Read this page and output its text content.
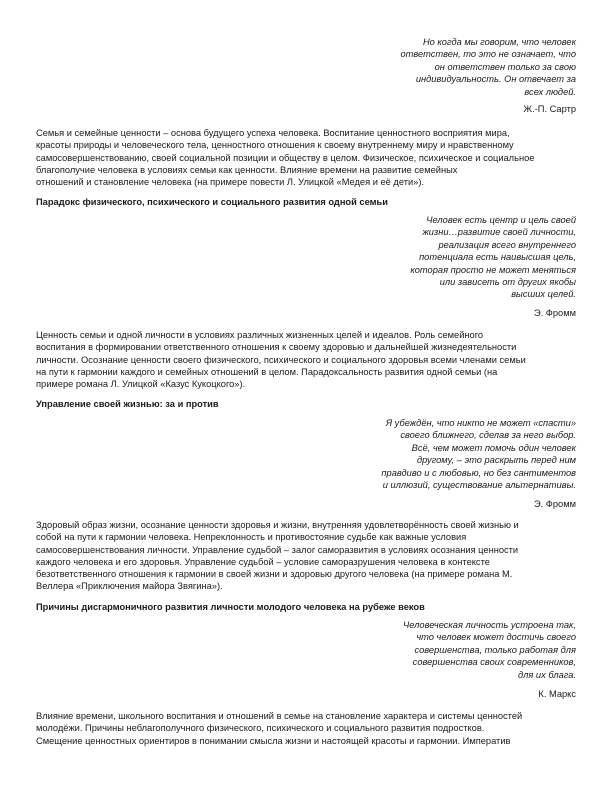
Но когда мы говорим, что человек
ответствен, то это не означает, что
он ответствен только за свою
индивидуальность. Он отвечает за
всех людей.

Ж.-П. Сартр

Семья и семейные ценности – основа будущего успеха человека. Воспитание ценностного восприятия мира,
красоты природы и человеческого тела, ценностного отношения к своему внутреннему миру и нравственному
самосовершенствованию, своей социальной позиции и обществу в целом. Физическое, психическое и социальное
благополучие человека в условиях семьи как ценности. Влияние времени на развитие семейных
отношений и становление человека (на примере повести Л. Улицкой «Медея и её дети»).

Парадокс физического, психического и социального развития одной семьи

Человек есть центр и цель своей
жизни…развитие своей личности,
реализация всего внутреннего
потенциала есть наивысшая цель,
которая просто не может меняться
или зависеть от других якобы
высших целей.

Э. Фромм

Ценность семьи и одной личности в условиях различных жизненных целей и идеалов. Роль семейного
воспитания в формировании ответственного отношения к своему здоровью и дальнейшей жизнедеятельности
личности. Осознание ценности своего физического, психического и социального здоровья всеми членами семьи
на пути к гармонии каждого и семейных отношений в целом. Парадоксальность развития одной семьи (на
примере романа Л. Улицкой «Казус Кукоцкого»).

Управление своей жизнью: за и против

Я убеждён, что никто не может «спасти»
своего ближнего, сделав за него выбор.
Всё, чем может помочь один человек
другому, – это раскрыть перед ним
правдиво и с любовью, но без сантиментов
и иллюзий, существование альтернативы.

Э. Фромм

Здоровый образ жизни, осознание ценности здоровья и жизни, внутренняя удовлетворённость своей жизнью и
собой на пути к гармонии человека. Непреклонность и противостояние судьбе как важные условия
самосовершенствования личности. Управление судьбой – залог саморазвития в условиях осознания ценности
каждого человека и его здоровья. Управление судьбой – условие саморазрушения человека в контексте
безответственного отношения к гармонии в своей жизни и здоровью другого человека (на примере романа М.
Веллера «Приключения майора Звягина»).

Причины дисгармоничного развития личности молодого человека на рубеже веков

Человеческая личность устроена так,
что человек может достичь своего
совершенства, только работая для
совершенства своих современников,
для их блага.

К. Маркс

Влияние времени, школьного воспитания и отношений в семье на становление характера и системы ценностей
молодёжи. Причины неблагополучного физического, психического и социального развития подростков.
Смещение ценностных ориентиров в понимании смысла жизни и настоящей красоты и гармонии. Императив
